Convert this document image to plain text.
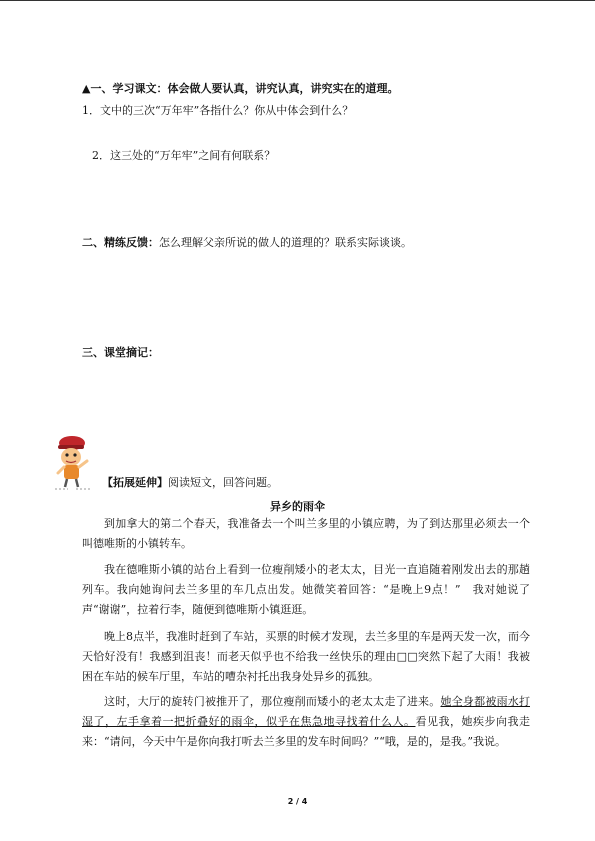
▲一、学习课文：体会做人要认真，讲究认真，讲究实在的道理。
1．文中的三次“万年牢”各指什么？你从中体会到什么？
2．这三处的“万年牢”之间有何联系？
二、精练反馈：怎么理解父亲所说的做人的道理的？联系实际谈谈。
三、课堂摘记：
【拓展延伸】阅读短文，回答问题。
异乡的雨伞

到加拿大的第二个春天，我准备去一个叫兰多里的小镇应聘，为了到达那里必须去一个叫德唯斯的小镇转车。

我在德唯斯小镇的站台上看到一位瘦削矮小的老太太，目光一直追随着刚发出去的那趟列车。我向她询问去兰多里的车几点出发。她微笑着回答：“是晚上9点！”　我对她说了声“谢谢”，拉着行李，随便到德唯斯小镇逛逛。

晚上8点半，我准时赶到了车站，买票的时候才发现，去兰多里的车是两天发一次，而今天恰好没有！我感到沮丧！而老天似乎也不给我一丝快乐的理由□□突然下起了大雨！我被困在车站的候车厅里，车站的嘈杂衬托出我身处异乡的孤独。

这时，大厅的旋转门被推开了，那位瘦削而矮小的老太太走了进来。她全身都被雨水打湿了，左手拿着一把折叠好的雨伞，似乎在焦急地寻找着什么人。看见我，她疾步向我走来：“请问，今天中午是你向我打听去兰多里的发车时间吗？”“哦，是的，是我。”我说。

2 / 4
